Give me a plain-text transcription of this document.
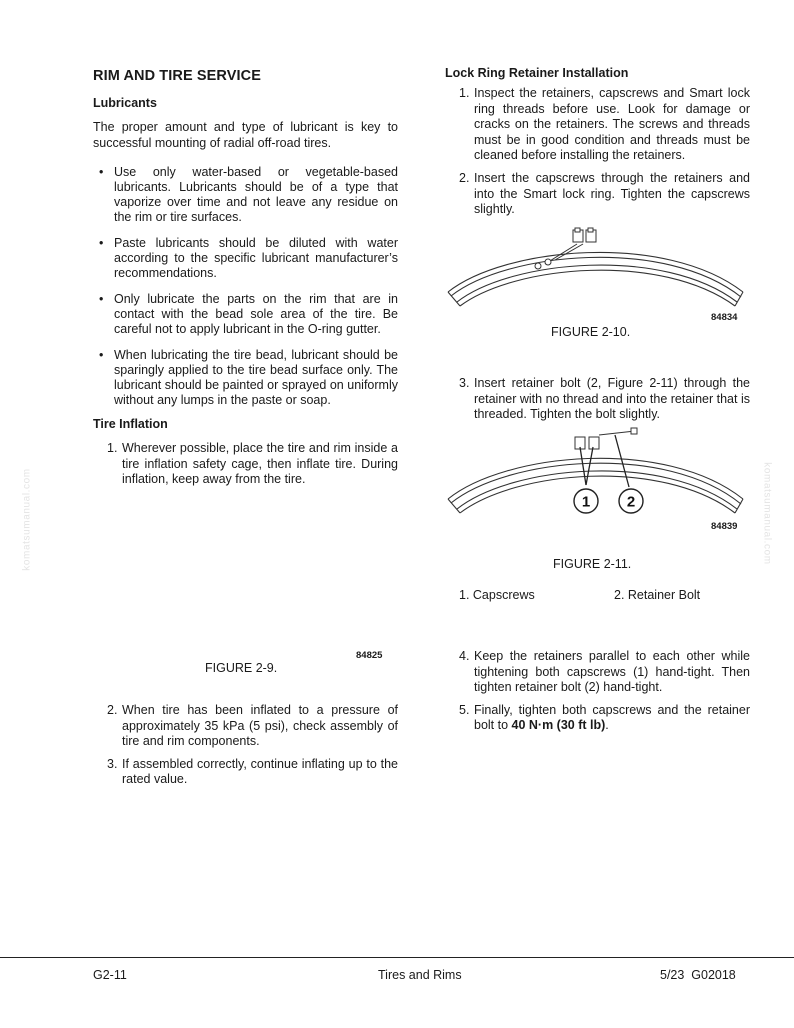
komatsumanual.com	komatsumanual.com
RIM AND TIRE SERVICE
Lubricants

The proper amount and type of lubricant is key to successful mounting of radial off-road tires.

• Use only water-based or vegetable-based lubricants. Lubricants should be of a type that vaporize over time and not leave any residue on the rim or tire surfaces.
• Paste lubricants should be diluted with water according to the specific lubricant manufacturer’s recommendations.
• Only lubricate the parts on the rim that are in contact with the bead sole area of the tire. Be careful not to apply lubricant in the O-ring gutter.
• When lubricating the tire bead, lubricant should be sparingly applied to the tire bead surface only. The lubricant should be painted or sprayed on uniformly without any lumps in the paste or soap.
Tire Inflation
1. Wherever possible, place the tire and rim inside a tire inflation safety cage, then inflate tire. During inflation, keep away from the tire.
84825
FIGURE 2-9.
2. When tire has been inflated to a pressure of approximately 35 kPa (5 psi), check assembly of tire and rim components.
3. If assembled correctly, continue inflating up to the rated value.
Lock Ring Retainer Installation
1. Inspect the retainers, capscrews and Smart lock ring threads before use. Look for damage or cracks on the retainers. The screws and threads must be in good condition and threads must be cleaned before installing the retainers.
2. Insert the capscrews through the retainers and into the Smart lock ring. Tighten the capscrews slightly.
84834
FIGURE 2-10.
3. Insert retainer bolt (2, Figure 2-11) through the retainer with no thread and into the retainer that is threaded. Tighten the bolt slightly.
1 2
84839
FIGURE 2-11.
1. Capscrews	2. Retainer Bolt
4. Keep the retainers parallel to each other while tightening both capscrews (1) hand-tight. Then tighten retainer bolt (2) hand-tight.
5. Finally, tighten both capscrews and the retainer bolt to 40 N·m (30 ft lb).
G2-11	Tires and Rims	5/23  G02018
